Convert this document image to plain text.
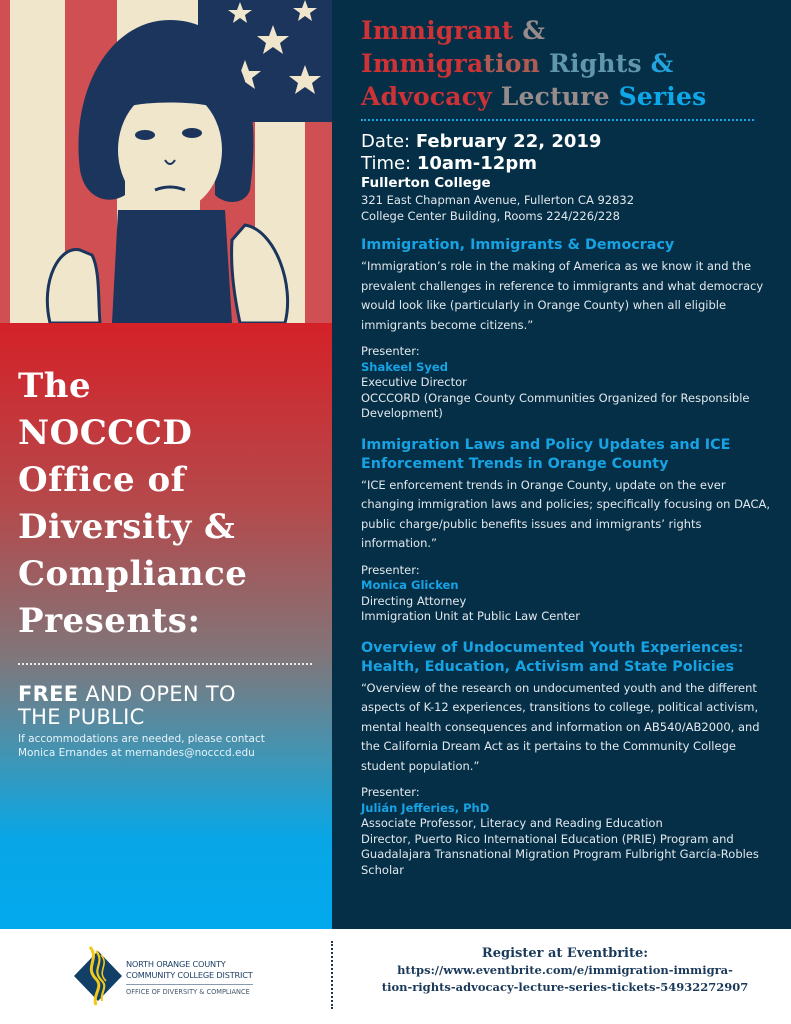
The
NOCCCD
Office of
Diversity &
Compliance
Presents:
FREE AND OPEN TO
THE PUBLIC
If accommodations are needed, please contact
Monica Ernandes at mernandes@nocccd.edu
Immigrant &
Immigration Rights &
Advocacy Lecture Series
Date: February 22, 2019
Time: 10am-12pm
Fullerton College
321 East Chapman Avenue, Fullerton CA 92832
College Center Building, Rooms 224/226/228
Immigration, Immigrants & Democracy
“Immigration’s role in the making of America as we know it and the prevalent challenges in reference to immigrants and what democracy would look like (particularly in Orange County) when all eligible immigrants become citizens.”
Presenter:
Shakeel Syed
Executive Director
OCCCORD (Orange County Communities Organized for Responsible Development)
Immigration Laws and Policy Updates and ICE Enforcement Trends in Orange County
“ICE enforcement trends in Orange County, update on the ever changing immigration laws and policies; specifically focusing on DACA, public charge/public benefits issues and immigrants’ rights information.”
Presenter:
Monica Glicken
Directing Attorney
Immigration Unit at Public Law Center
Overview of Undocumented Youth Experiences: Health, Education, Activism and State Policies
“Overview of the research on undocumented youth and the different aspects of K-12 experiences, transitions to college, political activism, mental health consequences and information on AB540/AB2000, and the California Dream Act as it pertains to the Community College student population.”
Presenter:
Julián Jefferies, PhD
Associate Professor, Literacy and Reading Education
Director, Puerto Rico International Education (PRIE) Program and Guadalajara Transnational Migration Program Fulbright García-Robles Scholar
NORTH ORANGE COUNTY
COMMUNITY COLLEGE DISTRICT
OFFICE OF DIVERSITY & COMPLIANCE
Register at Eventbrite:
https://www.eventbrite.com/e/immigration-immigra-
tion-rights-advocacy-lecture-series-tickets-54932272907
